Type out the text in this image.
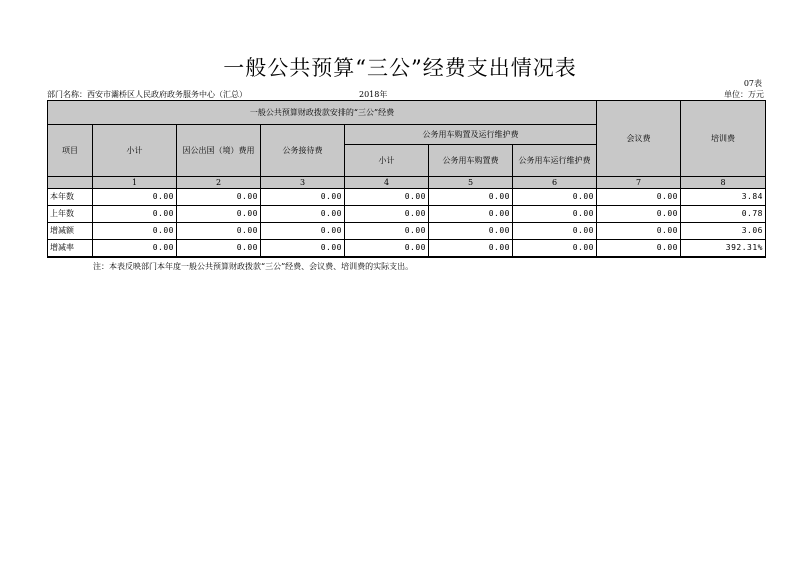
一般公共预算“三公”经费支出情况表
07表
部门名称：西安市灞桥区人民政府政务服务中心（汇总）	2018年	单位：万元
一般公共预算财政拨款安排的“三公”经费							会议费	培训费
项目	小计	因公出国（境）费用	公务接待费	公务用车购置及运行维护费				
				小计	公务用车购置费	公务用车运行维护费		
	1	2	3	4	5	6	7	8
本年数	0.00	0.00	0.00	0.00	0.00	0.00	0.00	3.84
上年数	0.00	0.00	0.00	0.00	0.00	0.00	0.00	0.78
增减额	0.00	0.00	0.00	0.00	0.00	0.00	0.00	3.06
增减率	0.00	0.00	0.00	0.00	0.00	0.00	0.00	392.31%
注：本表反映部门本年度一般公共预算财政拨款“三公”经费、会议费、培训费的实际支出。
